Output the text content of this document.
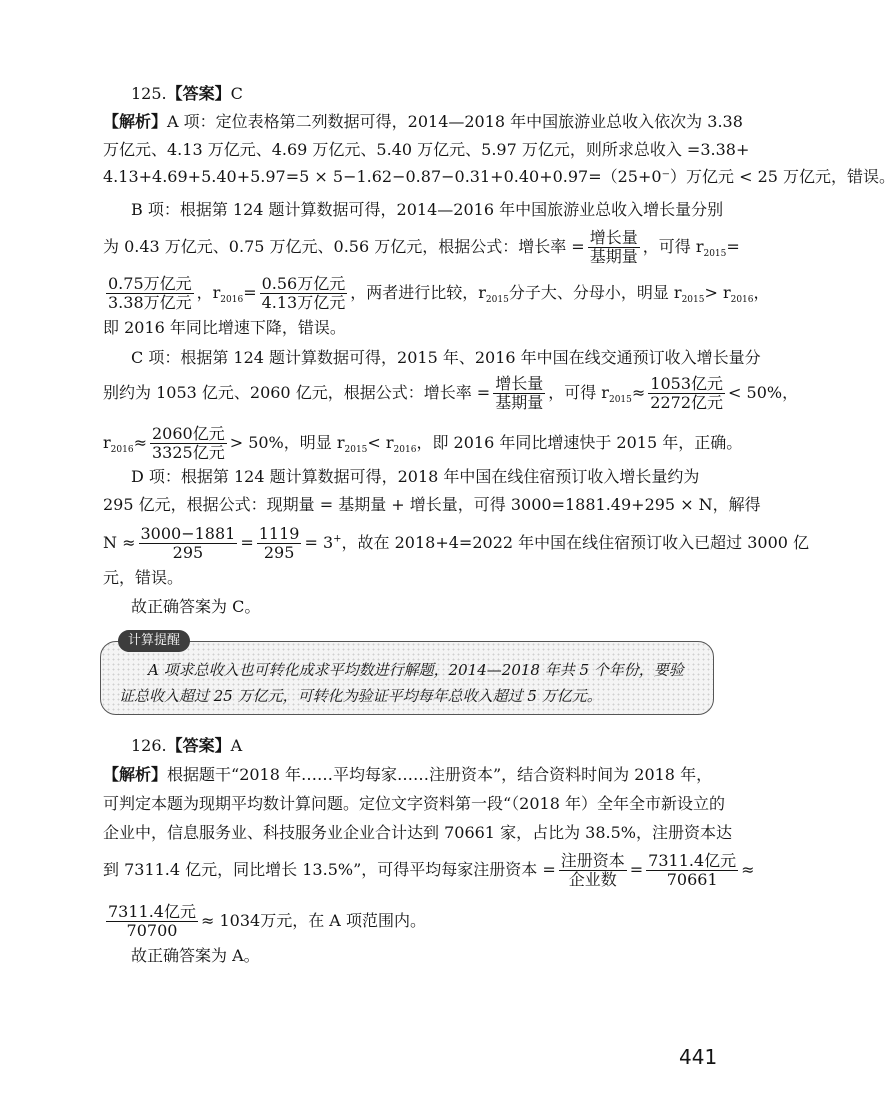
125.【答案】C
【解析】A 项：定位表格第二列数据可得，2014—2018 年中国旅游业总收入依次为 3.38
万亿元、4.13 万亿元、4.69 万亿元、5.40 万亿元、5.97 万亿元，则所求总收入 =3.38+
4.13+4.69+5.40+5.97=5 × 5−1.62−0.87−0.31+0.40+0.97=（25+0⁻）万亿元 < 25 万亿元，错误。
B 项：根据第 124 题计算数据可得，2014—2016 年中国旅游业总收入增长量分别
为 0.43 万亿元、0.75 万亿元、0.56 万亿元，根据公式：增长率 = $\frac{\text{增长量}}{\text{基期量}}$ ，可得 $r_{2015}=$
$\frac{\text{0.75万亿元}}{\text{3.38万亿元}}$ ，$r_{2016}= \frac{\text{0.56万亿元}}{\text{4.13万亿元}}$ ，两者进行比较，$r_{2015}$分子大、分母小，明显 $r_{2015}> r_{2016}$，
即 2016 年同比增速下降，错误。
C 项：根据第 124 题计算数据可得，2015 年、2016 年中国在线交通预订收入增长量分
别约为 1053 亿元、2060 亿元，根据公式：增长率 = $\frac{\text{增长量}}{\text{基期量}}$ ，可得 $r_{2015}\approx \frac{\text{1053亿元}}{\text{2272亿元}} < 50\%$，
$r_{2016}\approx \frac{\text{2060亿元}}{\text{3325亿元}} > 50\%$，明显 $r_{2015}< r_{2016}$，即 2016 年同比增速快于 2015 年，正确。
D 项：根据第 124 题计算数据可得，2018 年中国在线住宿预订收入增长量约为
295 亿元，根据公式：现期量 = 基期量 + 增长量，可得 3000=1881.49+295 × N，解得
$N \approx \frac{3000-1881}{295} = \frac{1119}{295} = 3^+$，故在 2018+4=2022 年中国在线住宿预订收入已超过 3000 亿
元，错误。
故正确答案为 C。
计算提醒
A 项求总收入也可转化成求平均数进行解题，2014—2018 年共 5 个年份，要验
证总收入超过 25 万亿元，可转化为验证平均每年总收入超过 5 万亿元。
126.【答案】A
【解析】根据题干“2018 年……平均每家……注册资本”，结合资料时间为 2018 年，
可判定本题为现期平均数计算问题。定位文字资料第一段“（2018 年）全年全市新设立的
企业中，信息服务业、科技服务业企业合计达到 70661 家，占比为 38.5%，注册资本达
到 7311.4 亿元，同比增长 13.5%”，可得平均每家注册资本 = $\frac{\text{注册资本}}{\text{企业数}} = \frac{\text{7311.4亿元}}{70661}$ ≈
$\frac{\text{7311.4亿元}}{70700} \approx 1034$万元，在 A 项范围内。
故正确答案为 A。
441
